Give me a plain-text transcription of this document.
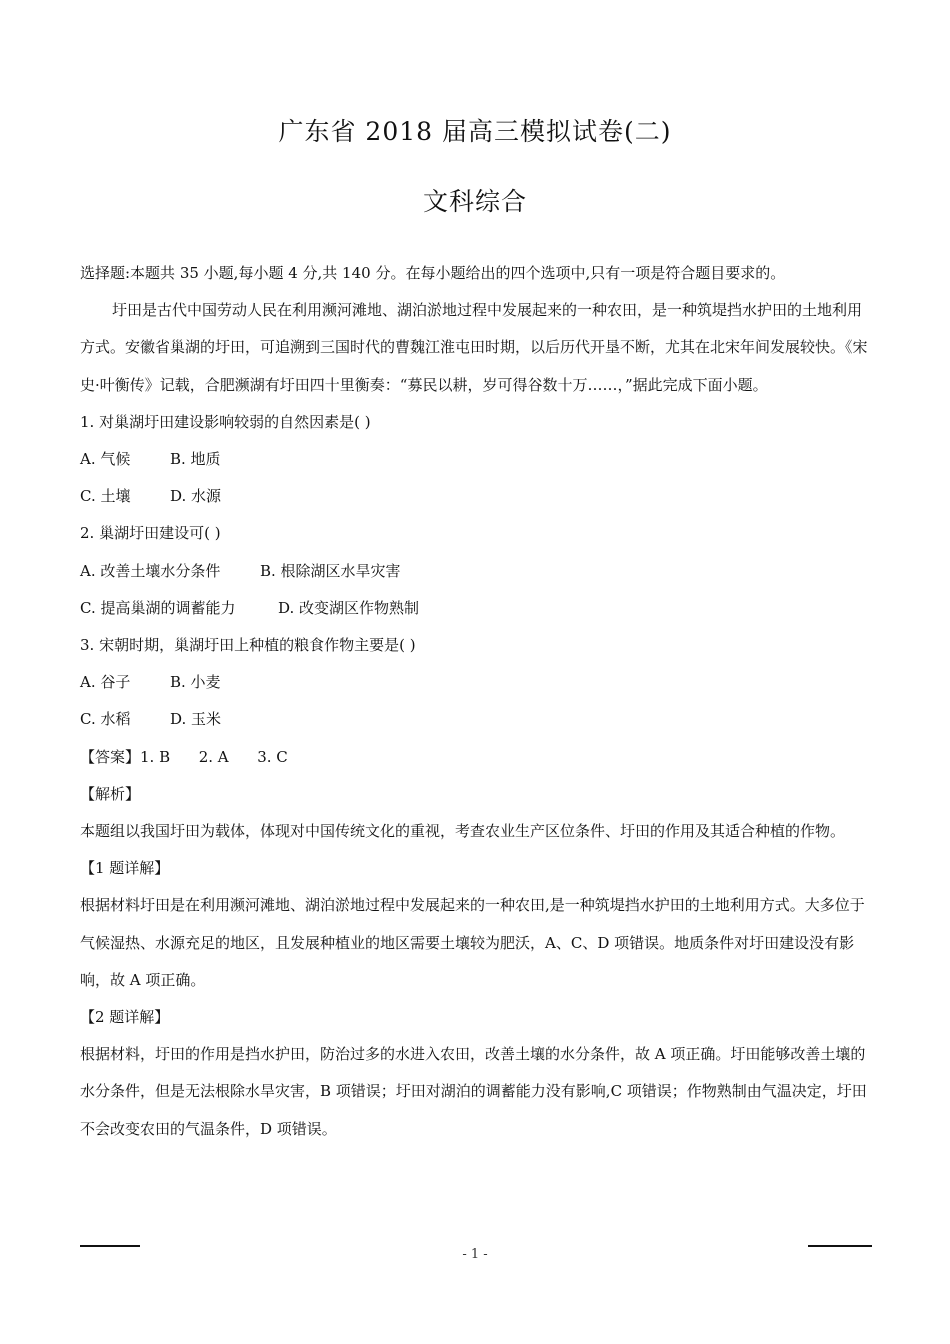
广东省 2018 届高三模拟试卷(二)
文科综合

选择题:本题共 35 小题,每小题 4 分,共 140 分。在每小题给出的四个选项中,只有一项是符合题目要求的。

圩田是古代中国劳动人民在利用濒河滩地、湖泊淤地过程中发展起来的一种农田，是一种筑堤挡水护田的土地利用方式。安徽省巢湖的圩田，可追溯到三国时代的曹魏江淮屯田时期，以后历代开垦不断，尤其在北宋年间发展较快。《宋史·叶衡传》记载，合肥濒湖有圩田四十里衡奏：“募民以耕，岁可得谷数十万……，”据此完成下面小题。

1. 对巢湖圩田建设影响较弱的自然因素是( )

A. 气候	B. 地质

C. 土壤	D. 水源

2. 巢湖圩田建设可( )

A. 改善土壤水分条件	B. 根除湖区水旱灾害

C. 提高巢湖的调蓄能力	D. 改变湖区作物熟制

3. 宋朝时期，巢湖圩田上种植的粮食作物主要是( )

A. 谷子	B. 小麦

C. 水稻	D. 玉米

【答案】1. B      2. A      3. C

【解析】

本题组以我国圩田为载体，体现对中国传统文化的重视，考查农业生产区位条件、圩田的作用及其适合种植的作物。

【1 题详解】

根据材料圩田是在利用濒河滩地、湖泊淤地过程中发展起来的一种农田,是一种筑堤挡水护田的土地利用方式。大多位于气候湿热、水源充足的地区，且发展种植业的地区需要土壤较为肥沃，A、C、D 项错误。地质条件对圩田建设没有影响，故 A 项正确。

【2 题详解】

根据材料，圩田的作用是挡水护田，防治过多的水进入农田，改善土壤的水分条件，故 A 项正确。圩田能够改善土壤的水分条件，但是无法根除水旱灾害，B 项错误；圩田对湖泊的调蓄能力没有影响,C 项错误；作物熟制由气温决定，圩田不会改变农田的气温条件，D 项错误。

- 1 -
